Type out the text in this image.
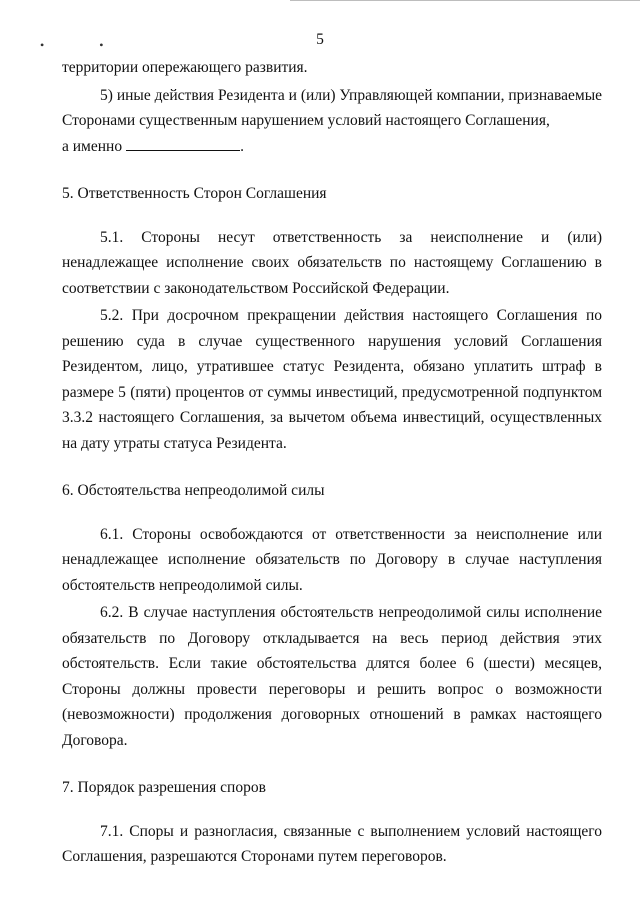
• •	5

территории опережающего развития.

5) иные действия Резидента и (или) Управляющей компании, признаваемые Сторонами существенным нарушением условий настоящего Соглашения,

а именно	.

5. Ответственность Сторон Соглашения

5.1. Стороны несут ответственность за неисполнение и (или) ненадлежащее исполнение своих обязательств по настоящему Соглашению в соответствии с законодательством Российской Федерации.

5.2. При досрочном прекращении действия настоящего Соглашения по решению суда в случае существенного нарушения условий Соглашения Резидентом, лицо, утратившее статус Резидента, обязано уплатить штраф в размере 5 (пяти) процентов от суммы инвестиций, предусмотренной подпунктом 3.3.2 настоящего Соглашения, за вычетом объема инвестиций, осуществленных на дату утраты статуса Резидента.

6. Обстоятельства непреодолимой силы

6.1. Стороны освобождаются от ответственности за неисполнение или ненадлежащее исполнение обязательств по Договору в случае наступления обстоятельств непреодолимой силы.

6.2. В случае наступления обстоятельств непреодолимой силы исполнение обязательств по Договору откладывается на весь период действия этих обстоятельств. Если такие обстоятельства длятся более 6 (шести) месяцев, Стороны должны провести переговоры и решить вопрос о возможности (невозможности) продолжения договорных отношений в рамках настоящего Договора.

7. Порядок разрешения споров

7.1. Споры и разногласия, связанные с выполнением условий настоящего Соглашения, разрешаются Сторонами путем переговоров.
